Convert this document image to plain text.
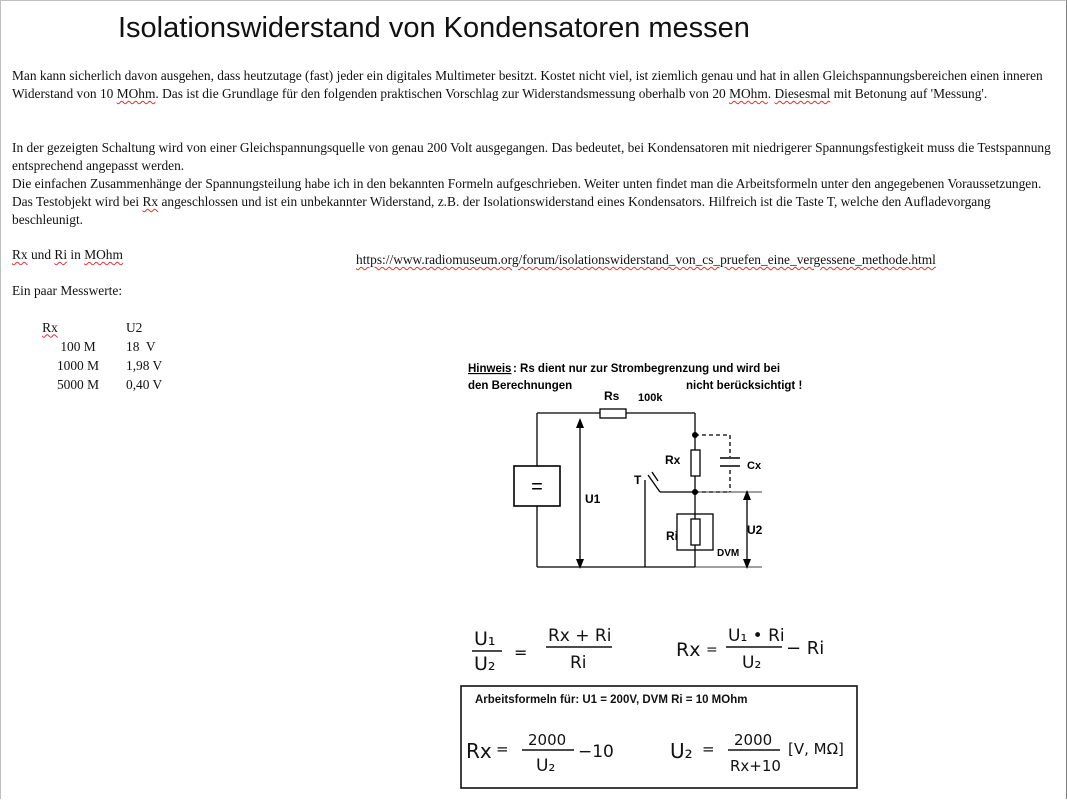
Isolationswiderstand von Kondensatoren messen
Man kann sicherlich davon ausgehen, dass heutzutage (fast) jeder ein digitales Multimeter besitzt. Kostet nicht viel, ist ziemlich genau und hat in allen Gleichspannungsbereichen einen inneren Widerstand von 10 MOhm. Das ist die Grundlage für den folgenden praktischen Vorschlag zur Widerstandsmessung oberhalb von 20 MOhm. Diesesmal mit Betonung auf 'Messung'.
In der gezeigten Schaltung wird von einer Gleichspannungsquelle von genau 200 Volt ausgegangen. Das bedeutet, bei Kondensatoren mit niedrigerer Spannungsfestigkeit muss die Testspannung entsprechend angepasst werden.
Die einfachen Zusammenhänge der Spannungsteilung habe ich in den bekannten Formeln aufgeschrieben. Weiter unten findet man die Arbeitsformeln unter den angegebenen Voraussetzungen. Das Testobjekt wird bei Rx angeschlossen und ist ein unbekannter Widerstand, z.B. der Isolationswiderstand eines Kondensators. Hilfreich ist die Taste T, welche den Aufladevorgang beschleunigt.
Rx und Ri in MOhm	https://www.radiomuseum.org/forum/isolationswiderstand_von_cs_pruefen_eine_vergessene_methode.html
Ein paar Messwerte:
Rx	U2
100 M	18  V
1000 M	1,98 V
5000 M	0,40 V
Hinweis : Rs dient nur zur Strombegrenzung und wird bei
den Berechnungen	nicht berücksichtigt !
Rs 100k
=
Rx	Cx
T
U1
U2
Ri
DVM
U₁
U₂
=
Rx + Ri
Ri
Rx =
U₁ • Ri
U₂
− Ri
Arbeitsformeln für: U1 = 200V, DVM Ri = 10 MOhm
Rx = 2000
U₂
−10	U₂ = 2000
Rx+10
[V, MΩ]
